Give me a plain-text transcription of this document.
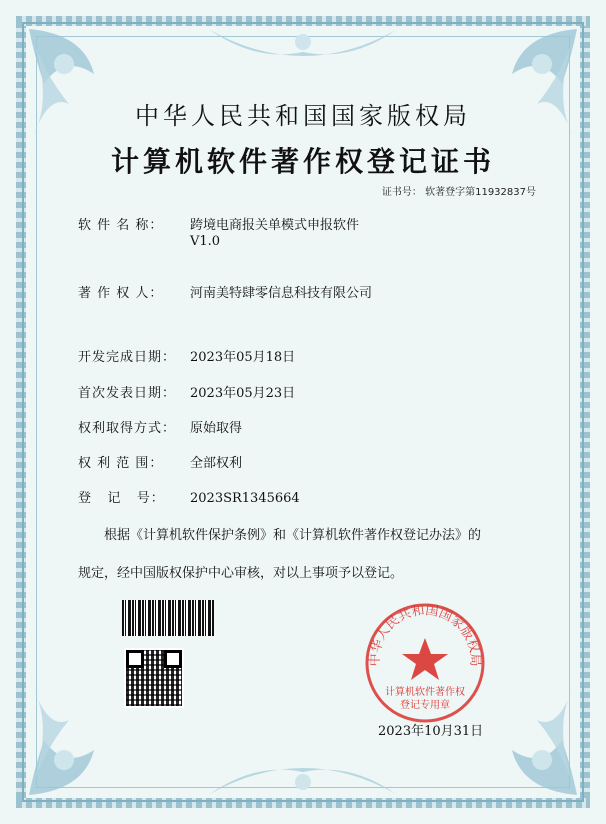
中华人民共和国国家版权局
计算机软件著作权登记证书
证书号： 软著登字第11932837号
软 件 名 称： 跨境电商报关单模式申报软件
V1.0
著 作 权 人： 河南美特肆零信息科技有限公司
开发完成日期： 2023年05月18日
首次发表日期： 2023年05月23日
权利取得方式： 原始取得
权 利 范 围： 全部权利
登   记   号： 2023SR1345664
根据《计算机软件保护条例》和《计算机软件著作权登记办法》的
规定，经中国版权保护中心审核，对以上事项予以登记。
中华人民共和国国家版权局
计算机软件著作权
登记专用章
2023年10月31日
